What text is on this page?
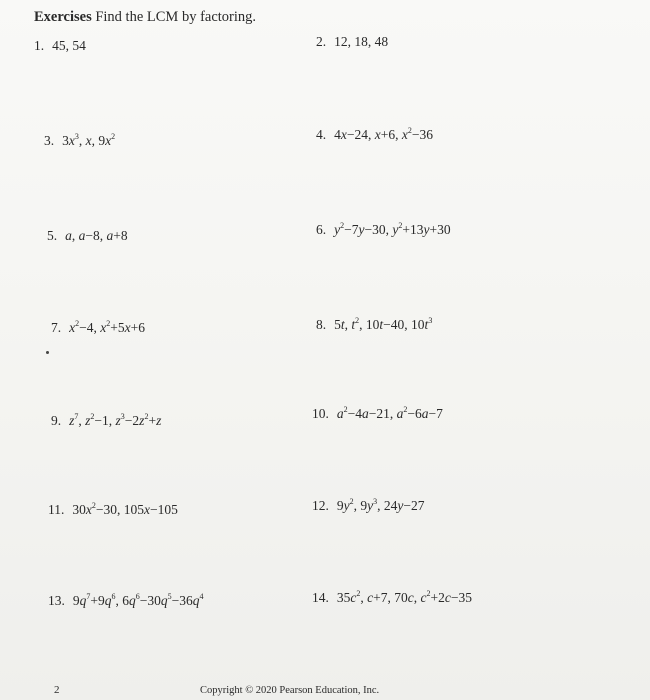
Exercises Find the LCM by factoring.
1. 45, 54	2. 12, 18, 48
3. $3x^3$, x, $9x^2$	4. 4x−24, x+6, $x^2-36$
5. a, a−8, a+8	6. $y^2-7y-30$, $y^2+13y+30$
7. $x^2-4$, $x^2+5x+6$	8. 5t, $t^2$, 10t−40, $10t^3$
9. $z^7$, $z^2-1$, $z^3-2z^2+z$	10. $a^2-4a-21$, $a^2-6a-7$
11. $30x^2-30$, 105x−105	12. $9y^2$, $9y^3$, 24y−27
13. $9q^7+9q^6$, $6q^6-30q^5-36q^4$	14. $35c^2$, c+7, 70c, $c^2+2c-35$
2	Copyright © 2020 Pearson Education, Inc.
